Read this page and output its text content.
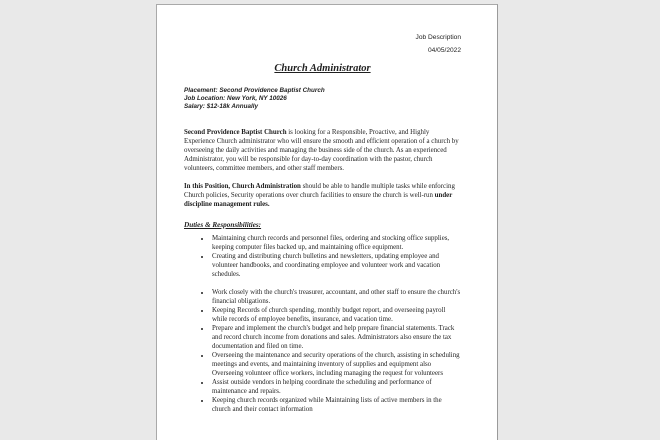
Job Description
04/05/2022
Church Administrator
Placement: Second Providence Baptist Church
Job Location: New York, NY 10026
Salary: $12-18k Annually

Second Providence Baptist Church is looking for a Responsible, Proactive, and Highly Experience Church administrator who will ensure the smooth and efficient operation of a church by overseeing the daily activities and managing the business side of the church. As an experienced Administrator, you will be responsible for day-to-day coordination with the pastor, church volunteers, committee members, and other staff members.

In this Position, Church Administration should be able to handle multiple tasks while enforcing Church policies, Security operations over church facilities to ensure the church is well-run under discipline management rules.

Duties & Responsibilities:
• Maintaining church records and personnel files, ordering and stocking office supplies, keeping computer files backed up, and maintaining office equipment.
• Creating and distributing church bulletins and newsletters, updating employee and volunteer handbooks, and coordinating employee and volunteer work and vacation schedules.
• Work closely with the church's treasurer, accountant, and other staff to ensure the church's financial obligations.
• Keeping Records of church spending, monthly budget report, and overseeing payroll while records of employee benefits, insurance, and vacation time.
• Prepare and implement the church's budget and help prepare financial statements. Track and record church income from donations and sales. Administrators also ensure the tax documentation and filed on time.
• Overseeing the maintenance and security operations of the church, assisting in scheduling meetings and events, and maintaining inventory of supplies and equipment also Overseeing volunteer office workers, including managing the request for volunteers
• Assist outside vendors in helping coordinate the scheduling and performance of maintenance and repairs.
• Keeping church records organized while Maintaining lists of active members in the church and their contact information
